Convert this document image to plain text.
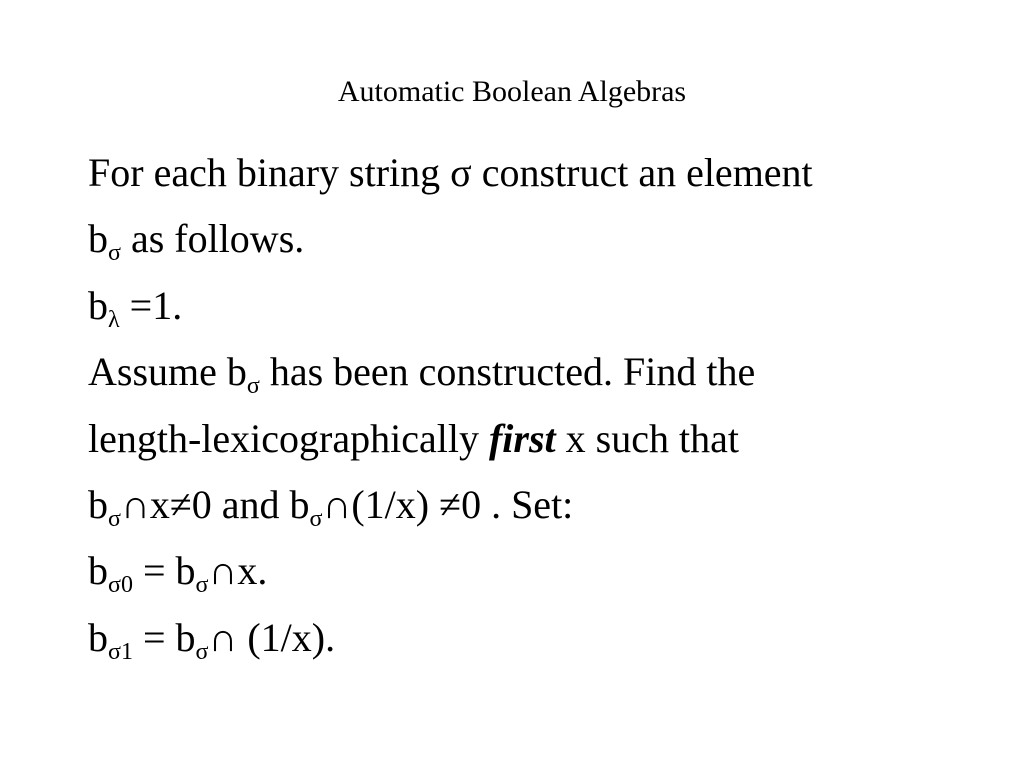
Automatic Boolean Algebras
For each binary string σ construct an element
$b_\sigma$ as follows.
$b_\lambda =1$.
Assume $b_\sigma$ has been constructed. Find the
length-lexicographically first x such that
$b_\sigma\cap x\ne 0$ and $b_\sigma\cap(1/x) \ne 0$ . Set:
$b_{\sigma 0}$ = $b_\sigma\cap x$.
$b_{\sigma 1}$ = $b_\sigma\cap$ (1/x).
